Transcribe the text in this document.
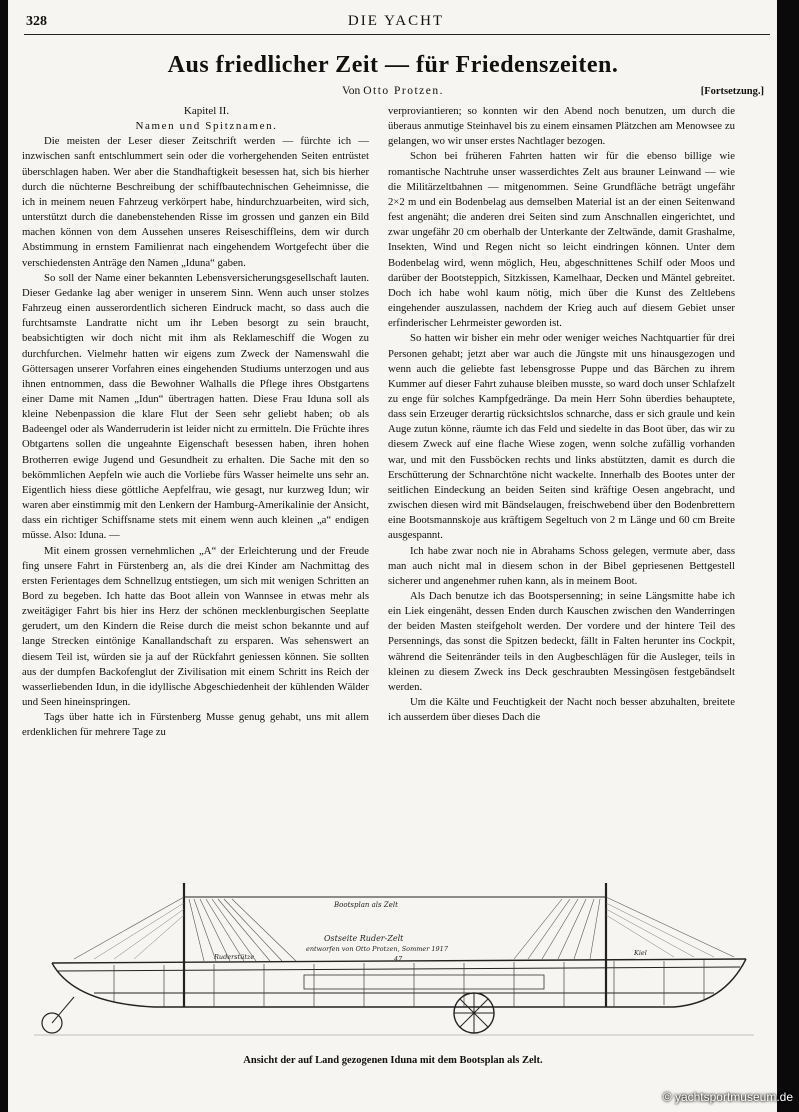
328	DIE YACHT
Aus friedlicher Zeit — für Friedenszeiten.
Von Otto Protzen.	[Fortsetzung.]

Kapitel II.

Namen und Spitznamen.

Die meisten der Leser dieser Zeitschrift werden — fürchte ich — inzwischen sanft entschlummert sein oder die vorhergehenden Seiten entrüstet überschlagen haben. Wer aber die Standhaftigkeit besessen hat, sich bis hierher durch die nüchterne Beschreibung der schiffbautechnischen Geheimnisse, die ich in meinem neuen Fahrzeug verkörpert habe, hindurchzuarbeiten, wird sich, unterstützt durch die danebenstehenden Risse im grossen und ganzen ein Bild machen können von dem Aussehen unseres Reiseschiffleins, dem wir durch Abstimmung in ernstem Familienrat nach eingehendem Wortgefecht über die verschiedensten Anträge den Namen „Iduna“ gaben.

So soll der Name einer bekannten Lebensversicherungsgesellschaft lauten. Dieser Gedanke lag aber weniger in unserem Sinn. Wenn auch unser stolzes Fahrzeug einen ausserordentlich sicheren Eindruck macht, so dass auch die furchtsamste Landratte nicht um ihr Leben besorgt zu sein braucht, beabsichtigten wir doch nicht mit ihm als Reklameschiff die Wogen zu durchfurchen. Vielmehr hatten wir eigens zum Zweck der Namenswahl die Göttersagen unserer Vorfahren eines eingehenden Studiums unterzogen und aus ihnen entnommen, dass die Bewohner Walhalls die Pflege ihres Obstgartens einer Dame mit Namen „Idun“ übertragen hatten. Diese Frau Iduna soll als kleine Nebenpassion die klare Flut der Seen sehr geliebt haben; ob als Badeengel oder als Wanderruderin ist leider nicht zu ermitteln. Die Früchte ihres Obtgartens sollen die ungeahnte Eigenschaft besessen haben, ihren hohen Brotherren ewige Jugend und Gesundheit zu erhalten. Die Sache mit den so bekömmlichen Aepfeln wie auch die Vorliebe fürs Wasser heimelte uns sehr an. Eigentlich hiess diese göttliche Aepfelfrau, wie gesagt, nur kurzweg Idun; wir waren aber einstimmig mit den Lenkern der Hamburg-Amerikalinie der Ansicht, dass ein richtiger Schiffsname stets mit einem wenn auch kleinen „a“ endigen müsse. Also: Iduna. —

Mit einem grossen vernehmlichen „A“ der Erleichterung und der Freude fing unsere Fahrt in Fürstenberg an, als die drei Kinder am Nachmittag des ersten Ferientages dem Schnellzug entstiegen, um sich mit wenigen Schritten an Bord zu begeben. Ich hatte das Boot allein von Wannsee in etwas mehr als zweitägiger Fahrt bis hier ins Herz der schönen mecklenburgischen Seeplatte gerudert, um den Kindern die Reise durch die meist schon bekannte und auf lange Strecken eintönige Kanallandschaft zu ersparen. Was sehenswert an diesem Teil ist, würden sie ja auf der Rückfahrt geniessen können. Sie sollten aus der dumpfen Backofenglut der Zivilisation mit einem Schritt ins Reich der wasserliebenden Idun, in die idyllische Abgeschiedenheit der kühlenden Wälder und Seen hineinspringen.

Tags über hatte ich in Fürstenberg Musse genug gehabt, uns mit allem erdenklichen für mehrere Tage zu

verproviantieren; so konnten wir den Abend noch benutzen, um durch die überaus anmutige Steinhavel bis zu einem einsamen Plätzchen am Menowsee zu gelangen, wo wir unser erstes Nachtlager bezogen.

Schon bei früheren Fahrten hatten wir für die ebenso billige wie romantische Nachtruhe unser wasserdichtes Zelt aus brauner Leinwand — wie die Militärzeltbahnen — mitgenommen. Seine Grundfläche beträgt ungefähr 2×2 m und ein Bodenbelag aus demselben Material ist an der einen Seitenwand fest angenäht; die anderen drei Seiten sind zum Anschnallen eingerichtet, und zwar ungefähr 20 cm oberhalb der Unterkante der Zeltwände, damit Grashalme, Insekten, Wind und Regen nicht so leicht eindringen können. Unter dem Bodenbelag wird, wenn möglich, Heu, abgeschnittenes Schilf oder Moos und darüber der Bootsteppich, Sitzkissen, Kamelhaar, Decken und Mäntel gebreitet. Doch ich habe wohl kaum nötig, mich über die Kunst des Zeltlebens eingehender auszulassen, nachdem der Krieg auch auf diesem Gebiet unser erfinderischer Lehrmeister geworden ist.

So hatten wir bisher ein mehr oder weniger weiches Nachtquartier für drei Personen gehabt; jetzt aber war auch die Jüngste mit uns hinausgezogen und wenn auch die geliebte fast lebensgrosse Puppe und das Bärchen zu ihrem Kummer auf dieser Fahrt zuhause bleiben musste, so ward doch unser Schlafzelt zu enge für solches Kampfgedränge. Da mein Herr Sohn überdies behauptete, dass sein Erzeuger derartig rücksichtslos schnarche, dass er sich graule und kein Auge zutun könne, räumte ich das Feld und siedelte in das Boot über, das wir zu diesem Zweck auf eine flache Wiese zogen, wenn solche zufällig vorhanden war, und mit den Fussböcken rechts und links abstützten, damit es durch die Erschütterung der Schnarchtöne nicht wackelte. Innerhalb des Bootes unter der seitlichen Eindeckung an beiden Seiten sind kräftige Oesen angebracht, und zwischen diesen wird mit Bändselaugen, freischwebend über den Bodenbrettern eine Bootsmannskoje aus kräftigem Segeltuch von 2 m Länge und 60 cm Breite ausgespannt.

Ich habe zwar noch nie in Abrahams Schoss gelegen, vermute aber, dass man auch nicht mal in diesem schon in der Bibel gepriesenen Bettgestell sicherer und angenehmer ruhen kann, als in meinem Boot.

Als Dach benutze ich das Bootspersenning; in seine Längsmitte habe ich ein Liek eingenäht, dessen Enden durch Kauschen zwischen den Wanderringen der beiden Masten steifgeholt werden. Der vordere und der hintere Teil des Persennings, das sonst die Spitzen bedeckt, fällt in Falten herunter ins Cockpit, während die Seitenränder teils in den Augbeschlägen für die Ausleger, teils in kleinen zu diesem Zweck ins Deck geschraubten Messingösen festgebändselt werden.

Um die Kälte und Feuchtigkeit der Nacht noch besser abzuhalten, breitete ich ausserdem über dieses Dach die

Bootsplan als Zelt
Ostseite Ruder-Zelt
entworfen von Otto Protzen, Sommer 1917
Ruderstütze	47
Kiel
Ansicht der auf Land gezogenen Iduna mit dem Bootsplan als Zelt.
© yachtsportmuseum.de
